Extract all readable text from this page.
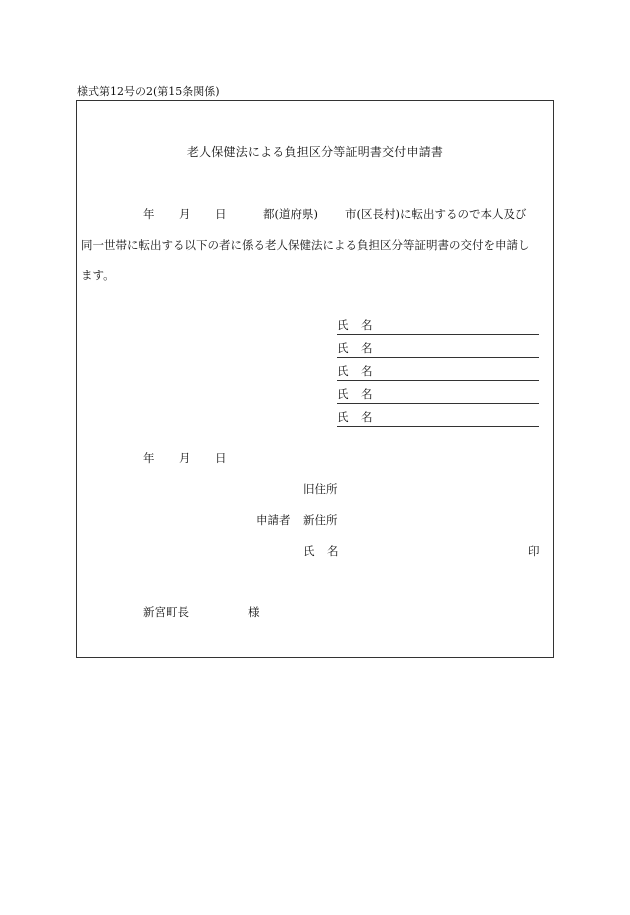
様式第12号の2(第15条関係)
老人保健法による負担区分等証明書交付申請書
年 月 日	都(道府県) 市(区長村)に転出するので本人及び
同一世帯に転出する以下の者に係る老人保健法による負担区分等証明書の交付を申請し
ます。
氏 名
氏 名
氏 名
氏 名
氏 名
年 月 日
旧住所
申請者 新住所
氏 名	印
新宮町長	様
